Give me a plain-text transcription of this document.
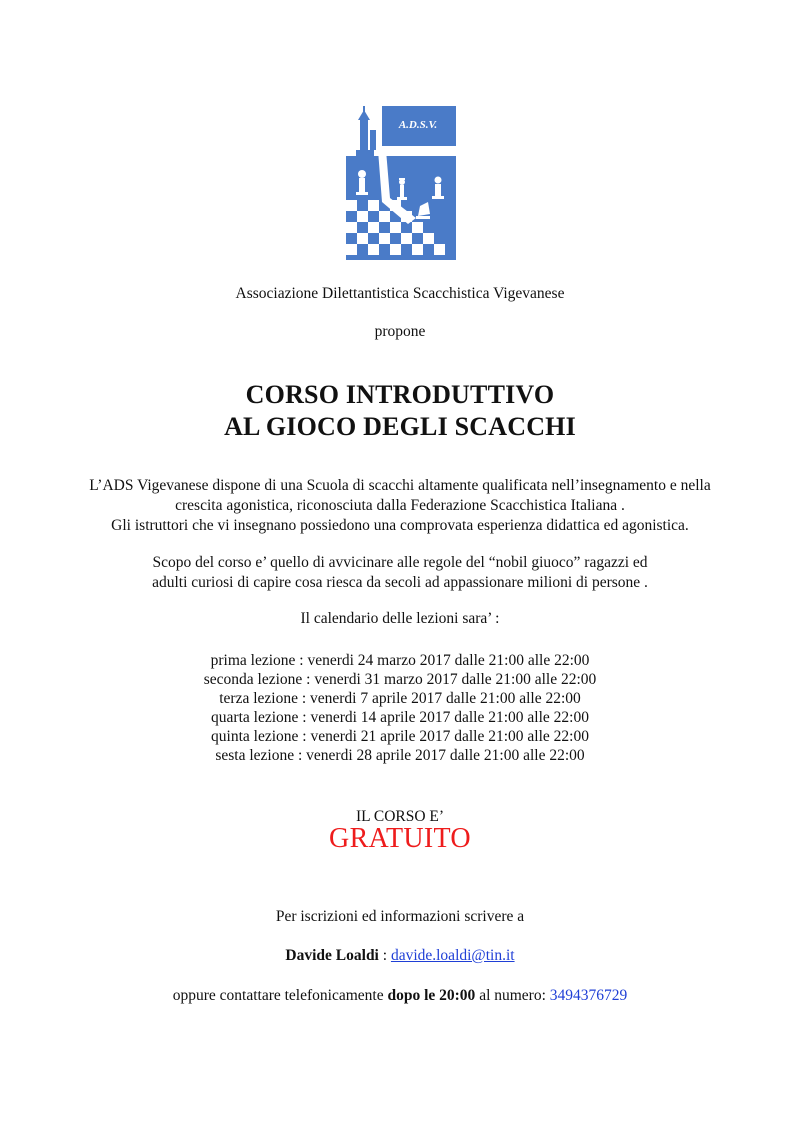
A.D.S.V.
Associazione Dilettantistica Scacchistica Vigevanese
propone
CORSO INTRODUTTIVO
AL GIOCO DEGLI SCACCHI
L’ADS Vigevanese dispone di una Scuola di scacchi altamente qualificata nell’insegnamento e nella
crescita agonistica, riconosciuta dalla Federazione Scacchistica Italiana .
Gli istruttori che vi insegnano possiedono una comprovata esperienza didattica ed agonistica.
Scopo del corso e’ quello di avvicinare alle regole del “nobil giuoco” ragazzi ed
adulti curiosi di capire cosa riesca da secoli ad appassionare milioni di persone .
Il calendario delle lezioni sara’ :
prima lezione : venerdi 24 marzo 2017 dalle 21:00 alle 22:00
seconda lezione : venerdi 31 marzo 2017 dalle 21:00 alle 22:00
terza lezione : venerdi 7 aprile 2017 dalle 21:00 alle 22:00
quarta lezione : venerdi 14 aprile 2017 dalle 21:00 alle 22:00
quinta lezione : venerdi 21 aprile 2017 dalle 21:00 alle 22:00
sesta lezione : venerdi 28 aprile 2017 dalle 21:00 alle 22:00
IL CORSO E’
GRATUITO
Per iscrizioni ed informazioni scrivere a
Davide Loaldi : davide.loaldi@tin.it
oppure contattare telefonicamente dopo le 20:00 al numero: 3494376729
